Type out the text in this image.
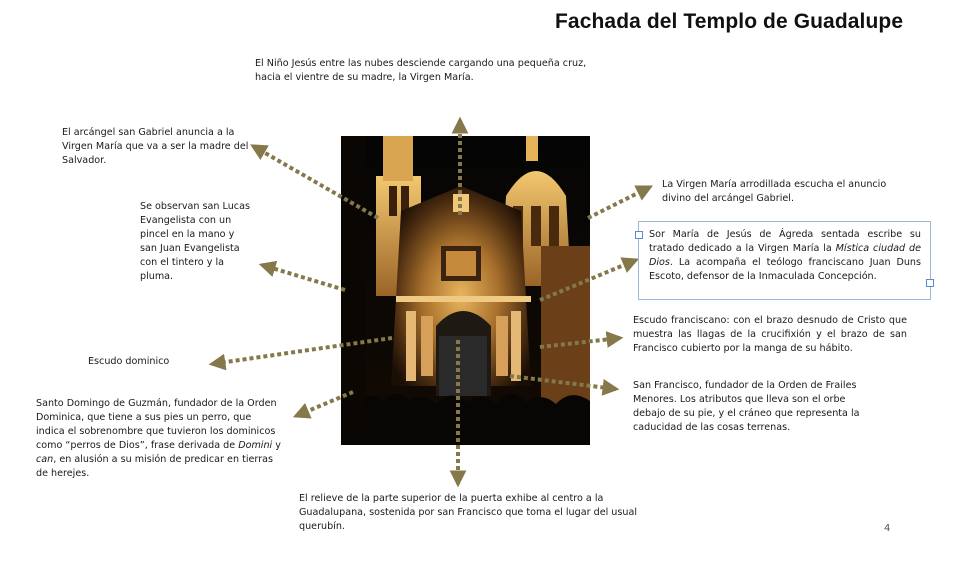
Fachada del Templo de Guadalupe
El Niño Jesús entre las nubes desciende cargando una pequeña cruz, hacia el vientre de su madre, la Virgen María.
El arcángel san Gabriel anuncia a la Virgen María que va a ser la madre del Salvador.
Se observan san Lucas Evangelista con un pincel en la mano y san Juan Evangelista con el tintero y la pluma.
Escudo dominico
Santo Domingo de Guzmán, fundador de la Orden Dominica, que tiene a sus pies un perro, que indica el sobrenombre que tuvieron los dominicos como “perros de Dios”, frase derivada de Domini y can, en alusión a su misión de predicar en tierras de herejes.
El relieve de la parte superior de la puerta exhibe al centro a la Guadalupana, sostenida por san Francisco que toma el lugar del usual querubín.
La Virgen María arrodillada escucha el anuncio divino del arcángel Gabriel.
Sor María de Jesús de Ágreda sentada escribe su tratado dedicado a la Virgen María la Mística ciudad de Dios. La acompaña el teólogo franciscano Juan Duns Escoto, defensor de la Inmaculada Concepción.
Escudo franciscano: con el brazo desnudo de Cristo que muestra las llagas de la crucifixión y el brazo de san Francisco cubierto por la manga de su hábito.
San Francisco, fundador de la Orden de Frailes Menores. Los atributos que lleva son el orbe debajo de su pie, y el cráneo que representa la caducidad de las cosas terrenas.
4
